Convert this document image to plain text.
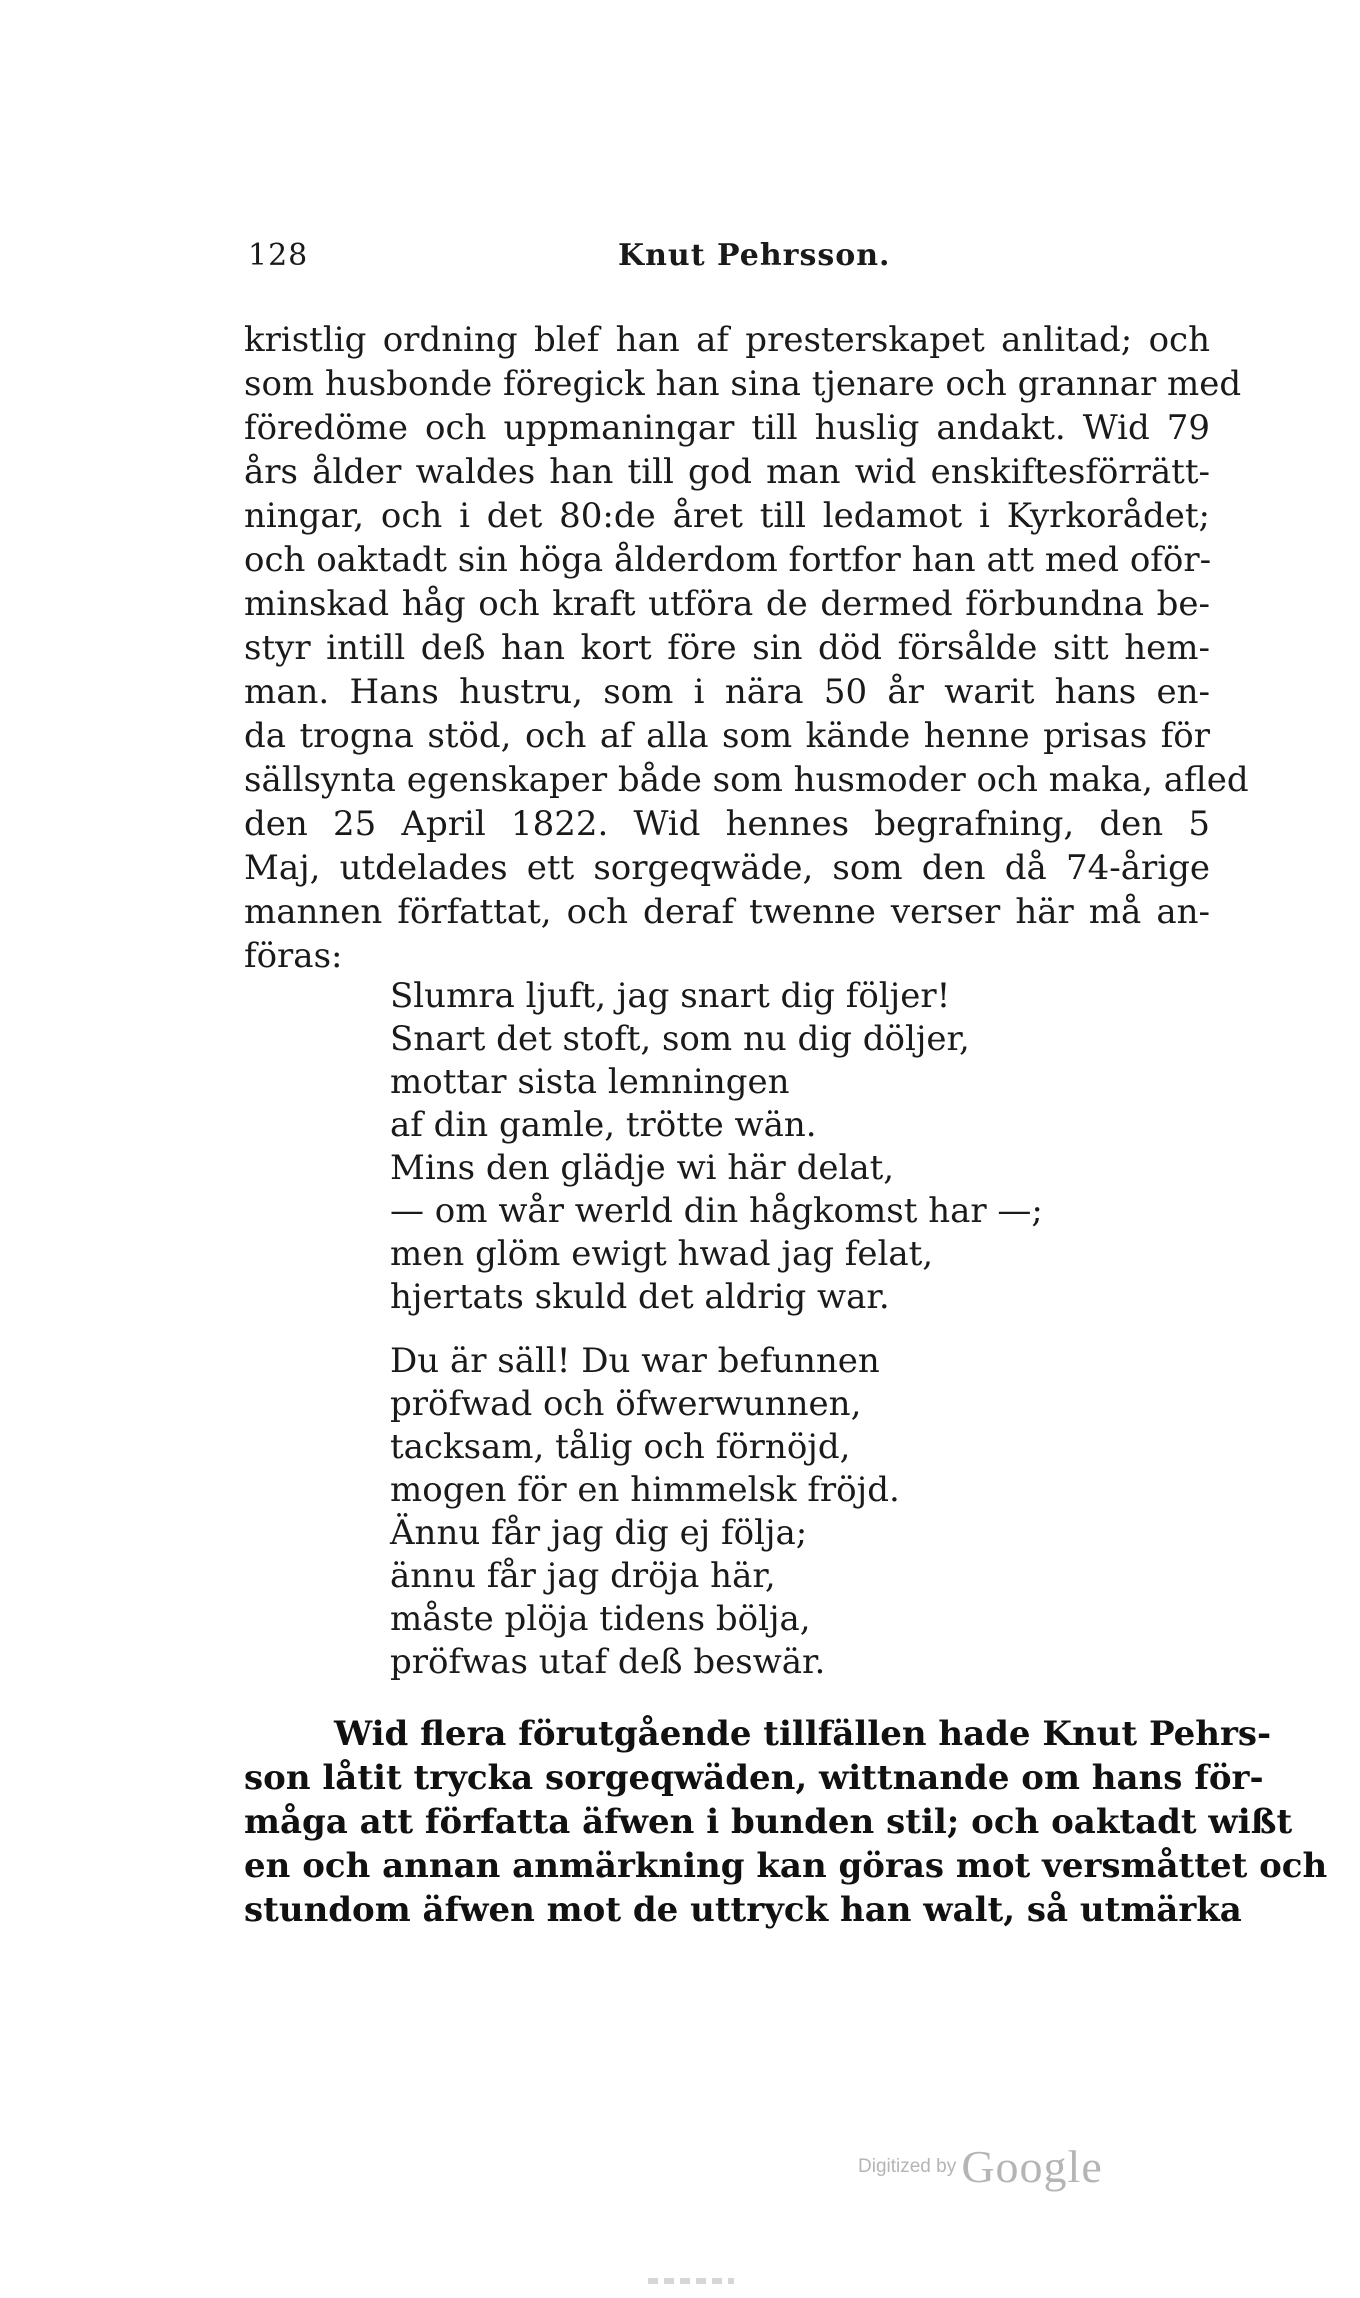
128	Knut Pehrsson.
kristlig ordning blef han af presterskapet anlitad; och
som husbonde föregick han sina tjenare och grannar med
föredöme och uppmaningar till huslig andakt. Wid 79
års ålder waldes han till god man wid enskiftesförrätt-
ningar, och i det 80:de året till ledamot i Kyrkorådet;
och oaktadt sin höga ålderdom fortfor han att med oför-
minskad håg och kraft utföra de dermed förbundna be-
styr intill deß han kort före sin död försålde sitt hem-
man. Hans hustru, som i nära 50 år warit hans en-
da trogna stöd, och af alla som kände henne prisas för
sällsynta egenskaper både som husmoder och maka, afled
den 25 April 1822. Wid hennes begrafning, den 5
Maj, utdelades ett sorgeqwäde, som den då 74-årige
mannen författat, och deraf twenne verser här må an-
föras:
Slumra ljuft, jag snart dig följer!
Snart det stoft, som nu dig döljer,
mottar sista lemningen
af din gamle, trötte wän.
Mins den glädje wi här delat,
— om wår werld din hågkomst har —;
men glöm ewigt hwad jag felat,
hjertats skuld det aldrig war.
Du är säll! Du war befunnen
pröfwad och öfwerwunnen,
tacksam, tålig och förnöjd,
mogen för en himmelsk fröjd.
Ännu får jag dig ej följa;
ännu får jag dröja här,
måste plöja tidens bölja,
pröfwas utaf deß beswär.
Wid flera förutgående tillfällen hade Knut Pehrs-
son låtit trycka sorgeqwäden, wittnande om hans för-
måga att författa äfwen i bunden stil; och oaktadt wißt
en och annan anmärkning kan göras mot versmåttet och
stundom äfwen mot de uttryck han walt, så utmärka
Digitized by Google
